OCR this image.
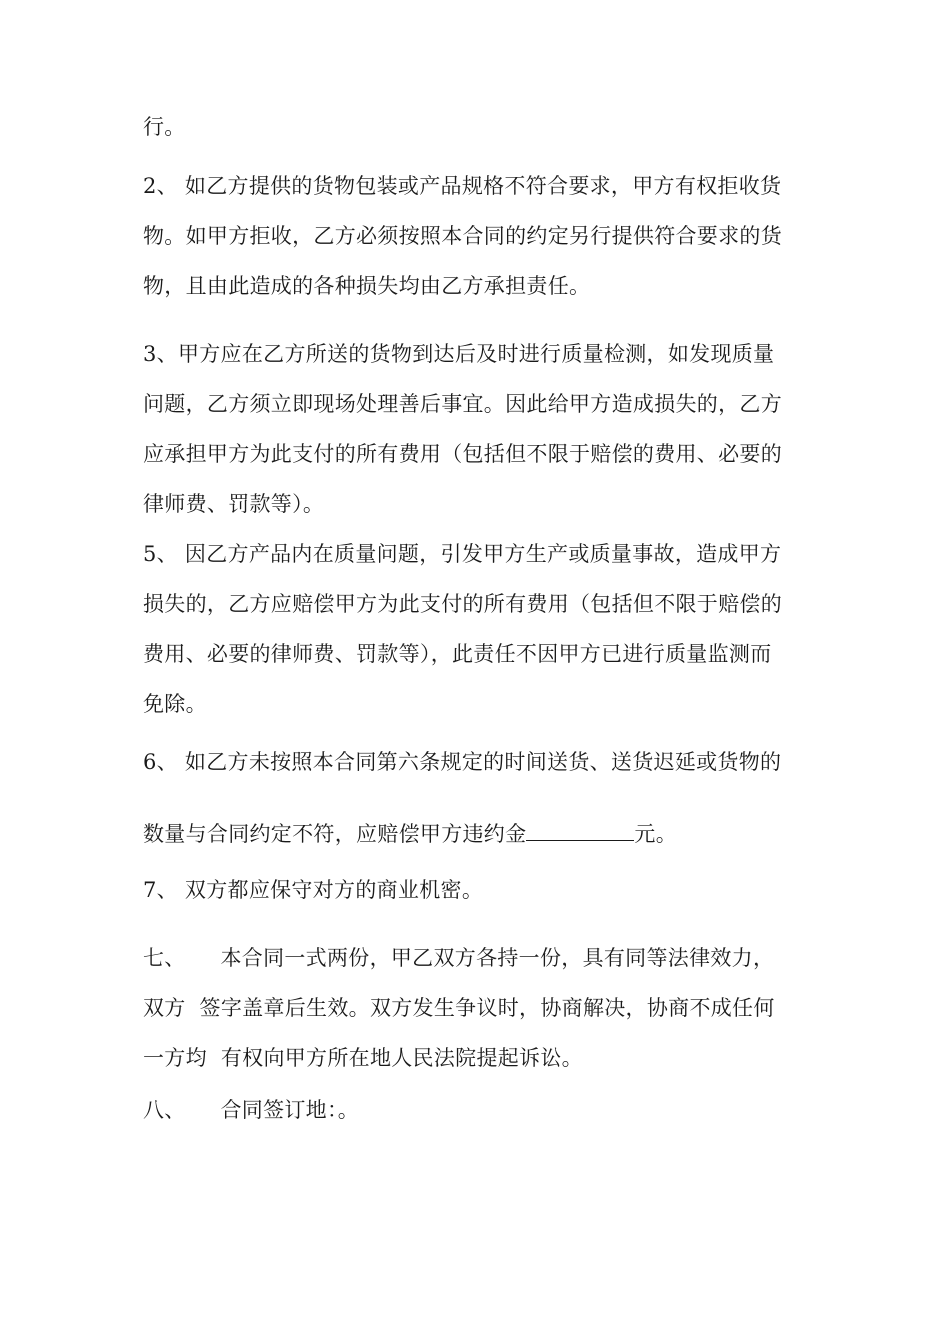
行。
2、 如乙方提供的货物包装或产品规格不符合要求，甲方有权拒收货
物。如甲方拒收，乙方必须按照本合同的约定另行提供符合要求的货
物，且由此造成的各种损失均由乙方承担责任。
3、甲方应在乙方所送的货物到达后及时进行质量检测，如发现质量
问题，乙方须立即现场处理善后事宜。因此给甲方造成损失的，乙方
应承担甲方为此支付的所有费用（包括但不限于赔偿的费用、必要的
律师费、罚款等）。
5、 因乙方产品内在质量问题，引发甲方生产或质量事故，造成甲方
损失的，乙方应赔偿甲方为此支付的所有费用（包括但不限于赔偿的
费用、必要的律师费、罚款等），此责任不因甲方已进行质量监测而
免除。
6、 如乙方未按照本合同第六条规定的时间送货、送货迟延或货物的
数量与合同约定不符，应赔偿甲方违约金	元。
7、 双方都应保守对方的商业机密。
七、     本合同一式两份，甲乙双方各持一份，具有同等法律效力，
双方  签字盖章后生效。双方发生争议时，协商解决，协商不成任何
一方均  有权向甲方所在地人民法院提起诉讼。
八、     合同签订地：。
